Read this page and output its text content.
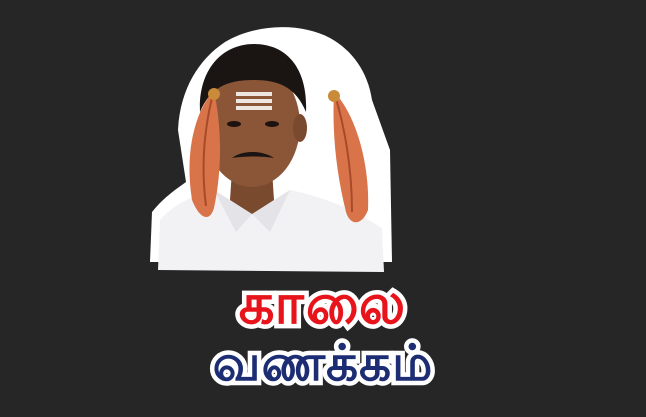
காலை
வணக்கம்
